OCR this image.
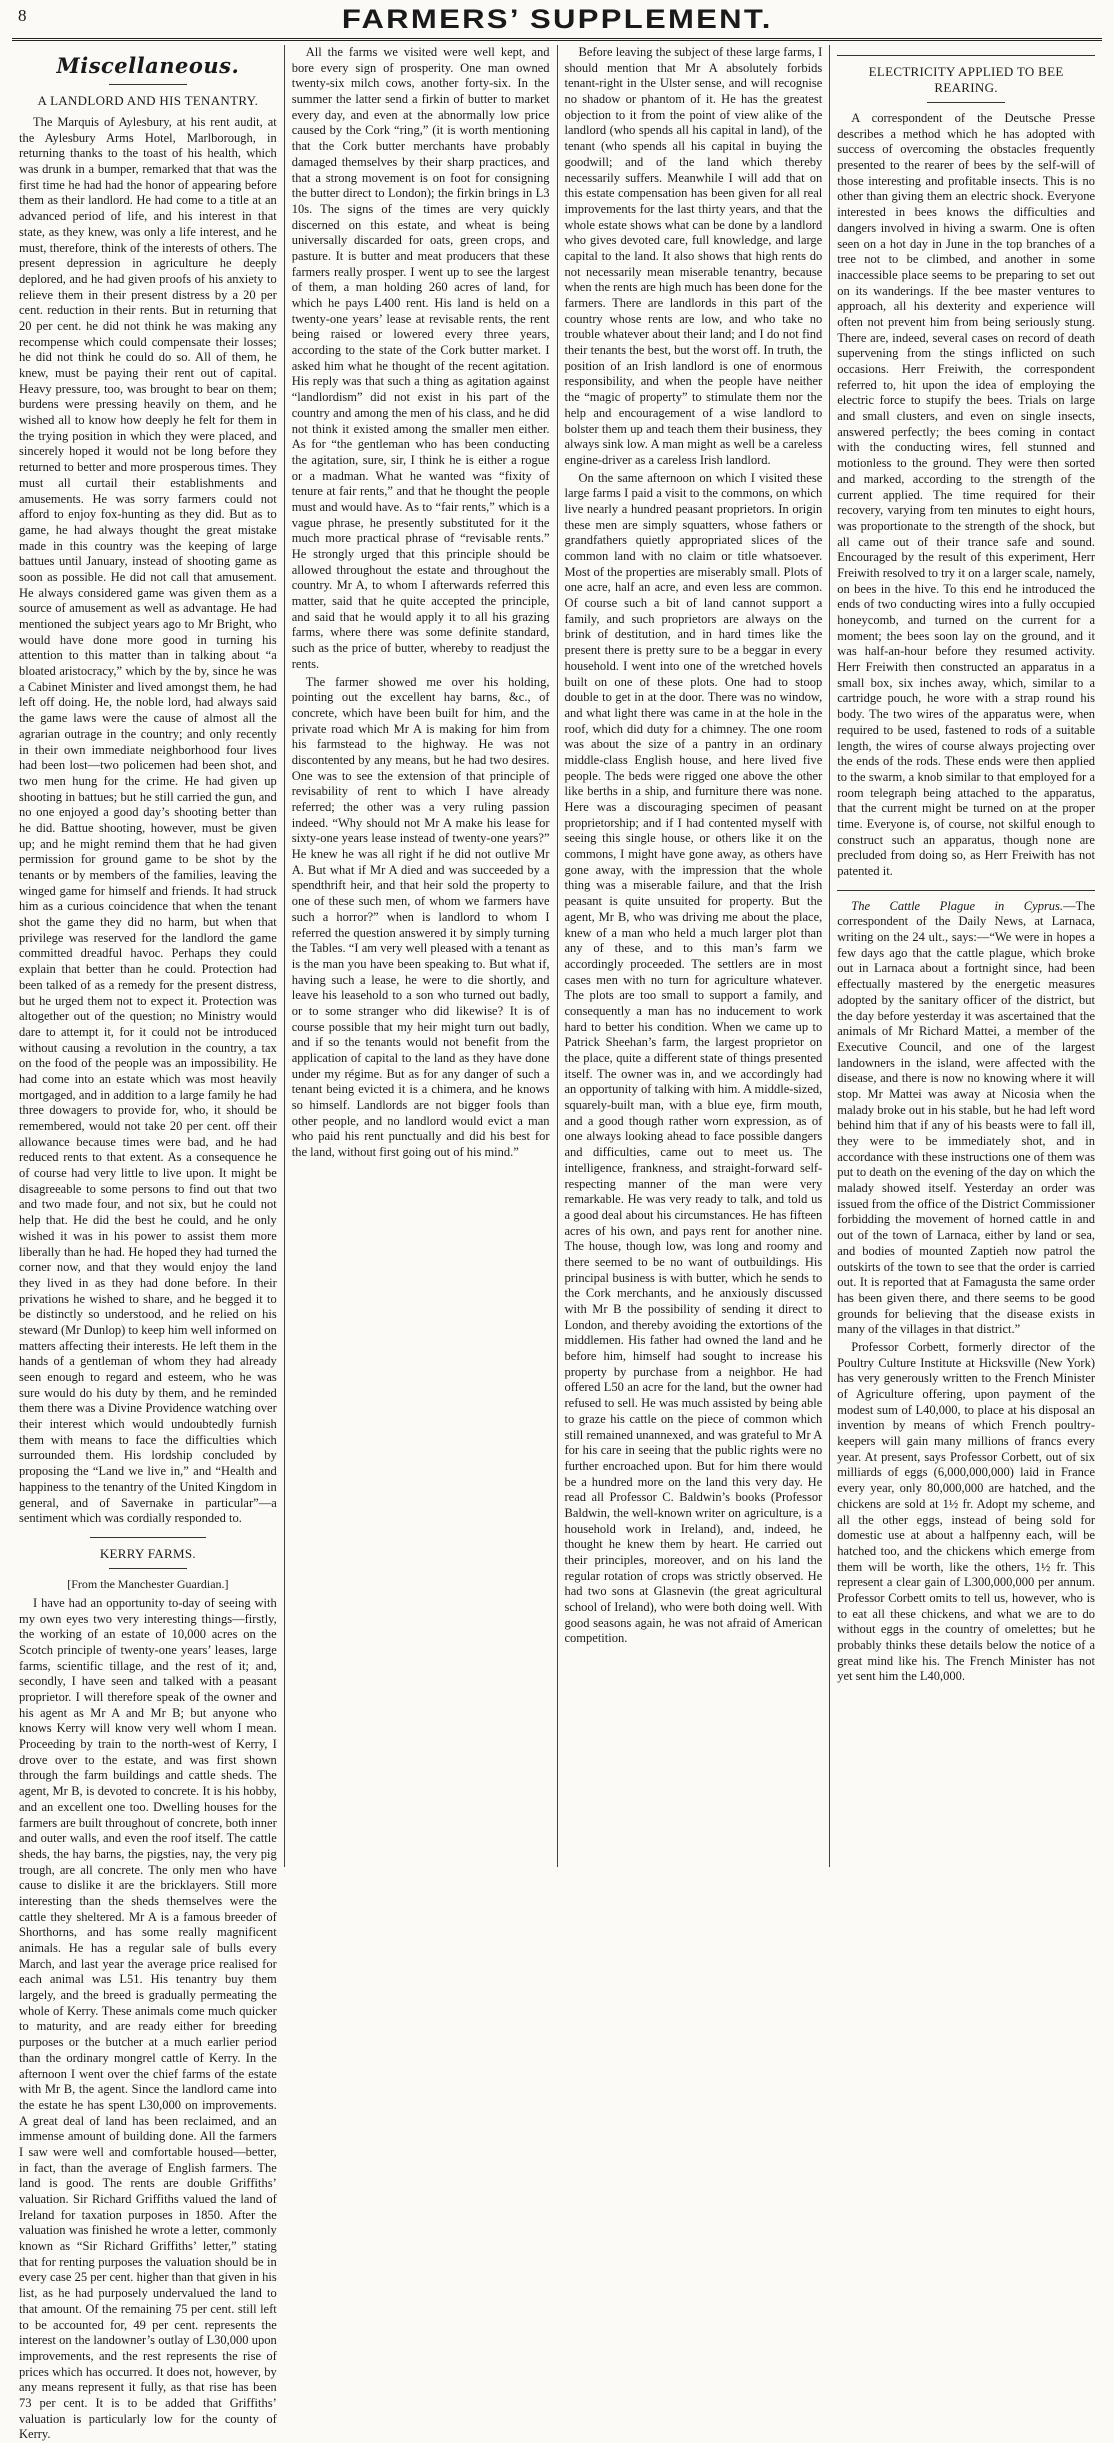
8	FARMERS’ SUPPLEMENT.
Miscellaneous.
A LANDLORD AND HIS TENANTRY.

The Marquis of Aylesbury, at his rent audit, at the Aylesbury Arms Hotel, Marlborough, in returning thanks to the toast of his health, which was drunk in a bumper, remarked that that was the first time he had had the honor of appearing before them as their landlord. He had come to a title at an advanced period of life, and his interest in that state, as they knew, was only a life interest, and he must, therefore, think of the interests of others. The present depression in agriculture he deeply deplored, and he had given proofs of his anxiety to relieve them in their present distress by a 20 per cent. reduction in their rents. But in returning that 20 per cent. he did not think he was making any recompense which could compensate their losses; he did not think he could do so. All of them, he knew, must be paying their rent out of capital. Heavy pressure, too, was brought to bear on them; burdens were pressing heavily on them, and he wished all to know how deeply he felt for them in the trying position in which they were placed, and sincerely hoped it would not be long before they returned to better and more prosperous times. They must all curtail their establishments and amusements. He was sorry farmers could not afford to enjoy fox-hunting as they did. But as to game, he had always thought the great mistake made in this country was the keeping of large battues until January, instead of shooting game as soon as possible. He did not call that amusement. He always considered game was given them as a source of amusement as well as advantage. He had mentioned the subject years ago to Mr Bright, who would have done more good in turning his attention to this matter than in talking about “a bloated aristocracy,” which by the by, since he was a Cabinet Minister and lived amongst them, he had left off doing. He, the noble lord, had always said the game laws were the cause of almost all the agrarian outrage in the country; and only recently in their own immediate neighborhood four lives had been lost—two policemen had been shot, and two men hung for the crime. He had given up shooting in battues; but he still carried the gun, and no one enjoyed a good day’s shooting better than he did. Battue shooting, however, must be given up; and he might remind them that he had given permission for ground game to be shot by the tenants or by members of the families, leaving the winged game for himself and friends. It had struck him as a curious coincidence that when the tenant shot the game they did no harm, but when that privilege was reserved for the landlord the game committed dreadful havoc. Perhaps they could explain that better than he could. Protection had been talked of as a remedy for the present distress, but he urged them not to expect it. Protection was altogether out of the question; no Ministry would dare to attempt it, for it could not be introduced without causing a revolution in the country, a tax on the food of the people was an impossibility. He had come into an estate which was most heavily mortgaged, and in addition to a large family he had three dowagers to provide for, who, it should be remembered, would not take 20 per cent. off their allowance because times were bad, and he had reduced rents to that extent. As a consequence he of course had very little to live upon. It might be disagreeable to some persons to find out that two and two made four, and not six, but he could not help that. He did the best he could, and he only wished it was in his power to assist them more liberally than he had. He hoped they had turned the corner now, and that they would enjoy the land they lived in as they had done before. In their privations he wished to share, and he begged it to be distinctly so understood, and he relied on his steward (Mr Dunlop) to keep him well informed on matters affecting their interests. He left them in the hands of a gentleman of whom they had already seen enough to regard and esteem, who he was sure would do his duty by them, and he reminded them there was a Divine Providence watching over their interest which would undoubtedly furnish them with means to face the difficulties which surrounded them. His lordship concluded by proposing the “Land we live in,” and “Health and happiness to the tenantry of the United Kingdom in general, and of Savernake in particular”—a sentiment which was cordially responded to.

KERRY FARMS.
[From the Manchester Guardian.]

I have had an opportunity to-day of seeing with my own eyes two very interesting things—firstly, the working of an estate of 10,000 acres on the Scotch principle of twenty-one years’ leases, large farms, scientific tillage, and the rest of it; and, secondly, I have seen and talked with a peasant proprietor. I will therefore speak of the owner and his agent as Mr A and Mr B; but anyone who knows Kerry will know very well whom I mean. Proceeding by train to the north-west of Kerry, I drove over to the estate, and was first shown through the farm buildings and cattle sheds. The agent, Mr B, is devoted to concrete. It is his hobby, and an excellent one too. Dwelling houses for the farmers are built throughout of concrete, both inner and outer walls, and even the roof itself. The cattle sheds, the hay barns, the pigsties, nay, the very pig trough, are all concrete. The only men who have cause to dislike it are the bricklayers. Still more interesting than the sheds themselves were the cattle they sheltered. Mr A is a famous breeder of Shorthorns, and has some really magnificent animals. He has a regular sale of bulls every March, and last year the average price realised for each animal was L51. His tenantry buy them largely, and the breed is gradually permeating the whole of Kerry. These animals come much quicker to maturity, and are ready either for breeding purposes or the butcher at a much earlier period than the ordinary mongrel cattle of Kerry. In the afternoon I went over the chief farms of the estate with Mr B, the agent. Since the landlord came into the estate he has spent L30,000 on improvements. A great deal of land has been reclaimed, and an immense amount of building done. All the farmers I saw were well and comfortable housed—better, in fact, than the average of English farmers. The land is good. The rents are double Griffiths’ valuation. Sir Richard Griffiths valued the land of Ireland for taxation purposes in 1850. After the valuation was finished he wrote a letter, commonly known as “Sir Richard Griffiths’ letter,” stating that for renting purposes the valuation should be in every case 25 per cent. higher than that given in his list, as he had purposely undervalued the land to that amount. Of the remaining 75 per cent. still left to be accounted for, 49 per cent. represents the interest on the landowner’s outlay of L30,000 upon improvements, and the rest represents the rise of prices which has occurred. It does not, however, by any means represent it fully, as that rise has been 73 per cent. It is to be added that Griffiths’ valuation is particularly low for the county of Kerry.

All the farms we visited were well kept, and bore every sign of prosperity. One man owned twenty-six milch cows, another forty-six. In the summer the latter send a firkin of butter to market every day, and even at the abnormally low price caused by the Cork “ring,” (it is worth mentioning that the Cork butter merchants have probably damaged themselves by their sharp practices, and that a strong movement is on foot for consigning the butter direct to London); the firkin brings in L3 10s. The signs of the times are very quickly discerned on this estate, and wheat is being universally discarded for oats, green crops, and pasture. It is butter and meat producers that these farmers really prosper. I went up to see the largest of them, a man holding 260 acres of land, for which he pays L400 rent. His land is held on a twenty-one years’ lease at revisable rents, the rent being raised or lowered every three years, according to the state of the Cork butter market. I asked him what he thought of the recent agitation. His reply was that such a thing as agitation against “landlordism” did not exist in his part of the country and among the men of his class, and he did not think it existed among the smaller men either. As for “the gentleman who has been conducting the agitation, sure, sir, I think he is either a rogue or a madman. What he wanted was “fixity of tenure at fair rents,” and that he thought the people must and would have. As to “fair rents,” which is a vague phrase, he presently substituted for it the much more practical phrase of “revisable rents.” He strongly urged that this principle should be allowed throughout the estate and throughout the country. Mr A, to whom I afterwards referred this matter, said that he quite accepted the principle, and said that he would apply it to all his grazing farms, where there was some definite standard, such as the price of butter, whereby to readjust the rents.

The farmer showed me over his holding, pointing out the excellent hay barns, &c., of concrete, which have been built for him, and the private road which Mr A is making for him from his farmstead to the highway. He was not discontented by any means, but he had two desires. One was to see the extension of that principle of revisability of rent to which I have already referred; the other was a very ruling passion indeed. “Why should not Mr A make his lease for sixty-one years lease instead of twenty-one years?” He knew he was all right if he did not outlive Mr A. But what if Mr A died and was succeeded by a spendthrift heir, and that heir sold the property to one of these such men, of whom we farmers have such a horror?” when is landlord to whom I referred the question answered it by simply turning the Tables. “I am very well pleased with a tenant as is the man you have been speaking to. But what if, having such a lease, he were to die shortly, and leave his leasehold to a son who turned out badly, or to some stranger who did likewise? It is of course possible that my heir might turn out badly, and if so the tenants would not benefit from the application of capital to the land as they have done under my régime. But as for any danger of such a tenant being evicted it is a chimera, and he knows so himself. Landlords are not bigger fools than other people, and no landlord would evict a man who paid his rent punctually and did his best for the land, without first going out of his mind.”

Before leaving the subject of these large farms, I should mention that Mr A absolutely forbids tenant-right in the Ulster sense, and will recognise no shadow or phantom of it. He has the greatest objection to it from the point of view alike of the landlord (who spends all his capital in land), of the tenant (who spends all his capital in buying the goodwill; and of the land which thereby necessarily suffers. Meanwhile I will add that on this estate compensation has been given for all real improvements for the last thirty years, and that the whole estate shows what can be done by a landlord who gives devoted care, full knowledge, and large capital to the land. It also shows that high rents do not necessarily mean miserable tenantry, because when the rents are high much has been done for the farmers. There are landlords in this part of the country whose rents are low, and who take no trouble whatever about their land; and I do not find their tenants the best, but the worst off. In truth, the position of an Irish landlord is one of enormous responsibility, and when the people have neither the “magic of property” to stimulate them nor the help and encouragement of a wise landlord to bolster them up and teach them their business, they always sink low. A man might as well be a careless engine-driver as a careless Irish landlord.

On the same afternoon on which I visited these large farms I paid a visit to the commons, on which live nearly a hundred peasant proprietors. In origin these men are simply squatters, whose fathers or grandfathers quietly appropriated slices of the common land with no claim or title whatsoever. Most of the properties are miserably small. Plots of one acre, half an acre, and even less are common. Of course such a bit of land cannot support a family, and such proprietors are always on the brink of destitution, and in hard times like the present there is pretty sure to be a beggar in every household. I went into one of the wretched hovels built on one of these plots. One had to stoop double to get in at the door. There was no window, and what light there was came in at the hole in the roof, which did duty for a chimney. The one room was about the size of a pantry in an ordinary middle-class English house, and here lived five people. The beds were rigged one above the other like berths in a ship, and furniture there was none. Here was a discouraging specimen of peasant proprietorship; and if I had contented myself with seeing this single house, or others like it on the commons, I might have gone away, as others have gone away, with the impression that the whole thing was a miserable failure, and that the Irish peasant is quite unsuited for property. But the agent, Mr B, who was driving me about the place, knew of a man who held a much larger plot than any of these, and to this man’s farm we accordingly proceeded. The settlers are in most cases men with no turn for agriculture whatever. The plots are too small to support a family, and consequently a man has no inducement to work hard to better his condition. When we came up to Patrick Sheehan’s farm, the largest proprietor on the place, quite a different state of things presented itself. The owner was in, and we accordingly had an opportunity of talking with him. A middle-sized, squarely-built man, with a blue eye, firm mouth, and a good though rather worn expression, as of one always looking ahead to face possible dangers and difficulties, came out to meet us. The intelligence, frankness, and straight-forward self-respecting manner of the man were very remarkable. He was very ready to talk, and told us a good deal about his circumstances. He has fifteen acres of his own, and pays rent for another nine. The house, though low, was long and roomy and there seemed to be no want of outbuildings. His principal business is with butter, which he sends to the Cork merchants, and he anxiously discussed with Mr B the possibility of sending it direct to London, and thereby avoiding the extortions of the middlemen. His father had owned the land and he before him, himself had sought to increase his property by purchase from a neighbor. He had offered L50 an acre for the land, but the owner had refused to sell. He was much assisted by being able to graze his cattle on the piece of common which still remained unannexed, and was grateful to Mr A for his care in seeing that the public rights were no further encroached upon. But for him there would be a hundred more on the land this very day. He read all Professor C. Baldwin’s books (Professor Baldwin, the well-known writer on agriculture, is a household work in Ireland), and, indeed, he thought he knew them by heart. He carried out their principles, moreover, and on his land the regular rotation of crops was strictly observed. He had two sons at Glasnevin (the great agricultural school of Ireland), who were both doing well. With good seasons again, he was not afraid of American competition.

ELECTRICITY APPLIED TO BEE REARING.

A correspondent of the Deutsche Presse describes a method which he has adopted with success of overcoming the obstacles frequently presented to the rearer of bees by the self-will of those interesting and profitable insects. This is no other than giving them an electric shock. Everyone interested in bees knows the difficulties and dangers involved in hiving a swarm. One is often seen on a hot day in June in the top branches of a tree not to be climbed, and another in some inaccessible place seems to be preparing to set out on its wanderings. If the bee master ventures to approach, all his dexterity and experience will often not prevent him from being seriously stung. There are, indeed, several cases on record of death supervening from the stings inflicted on such occasions. Herr Freiwith, the correspondent referred to, hit upon the idea of employing the electric force to stupify the bees. Trials on large and small clusters, and even on single insects, answered perfectly; the bees coming in contact with the conducting wires, fell stunned and motionless to the ground. They were then sorted and marked, according to the strength of the current applied. The time required for their recovery, varying from ten minutes to eight hours, was proportionate to the strength of the shock, but all came out of their trance safe and sound. Encouraged by the result of this experiment, Herr Freiwith resolved to try it on a larger scale, namely, on bees in the hive. To this end he introduced the ends of two conducting wires into a fully occupied honeycomb, and turned on the current for a moment; the bees soon lay on the ground, and it was half-an-hour before they resumed activity. Herr Freiwith then constructed an apparatus in a small box, six inches away, which, similar to a cartridge pouch, he wore with a strap round his body. The two wires of the apparatus were, when required to be used, fastened to rods of a suitable length, the wires of course always projecting over the ends of the rods. These ends were then applied to the swarm, a knob similar to that employed for a room telegraph being attached to the apparatus, that the current might be turned on at the proper time. Everyone is, of course, not skilful enough to construct such an apparatus, though none are precluded from doing so, as Herr Freiwith has not patented it.

The Cattle Plague in Cyprus.—The correspondent of the Daily News, at Larnaca, writing on the 24 ult., says:—“We were in hopes a few days ago that the cattle plague, which broke out in Larnaca about a fortnight since, had been effectually mastered by the energetic measures adopted by the sanitary officer of the district, but the day before yesterday it was ascertained that the animals of Mr Richard Mattei, a member of the Executive Council, and one of the largest landowners in the island, were affected with the disease, and there is now no knowing where it will stop. Mr Mattei was away at Nicosia when the malady broke out in his stable, but he had left word behind him that if any of his beasts were to fall ill, they were to be immediately shot, and in accordance with these instructions one of them was put to death on the evening of the day on which the malady showed itself. Yesterday an order was issued from the office of the District Commissioner forbidding the movement of horned cattle in and out of the town of Larnaca, either by land or sea, and bodies of mounted Zaptieh now patrol the outskirts of the town to see that the order is carried out. It is reported that at Famagusta the same order has been given there, and there seems to be good grounds for believing that the disease exists in many of the villages in that district.”

Professor Corbett, formerly director of the Poultry Culture Institute at Hicksville (New York) has very generously written to the French Minister of Agriculture offering, upon payment of the modest sum of L40,000, to place at his disposal an invention by means of which French poultry-keepers will gain many millions of francs every year. At present, says Professor Corbett, out of six milliards of eggs (6,000,000,000) laid in France every year, only 80,000,000 are hatched, and the chickens are sold at 1½ fr. Adopt my scheme, and all the other eggs, instead of being sold for domestic use at about a halfpenny each, will be hatched too, and the chickens which emerge from them will be worth, like the others, 1½ fr. This represent a clear gain of L300,000,000 per annum. Professor Corbett omits to tell us, however, who is to eat all these chickens, and what we are to do without eggs in the country of omelettes; but he probably thinks these details below the notice of a great mind like his. The French Minister has not yet sent him the L40,000.
